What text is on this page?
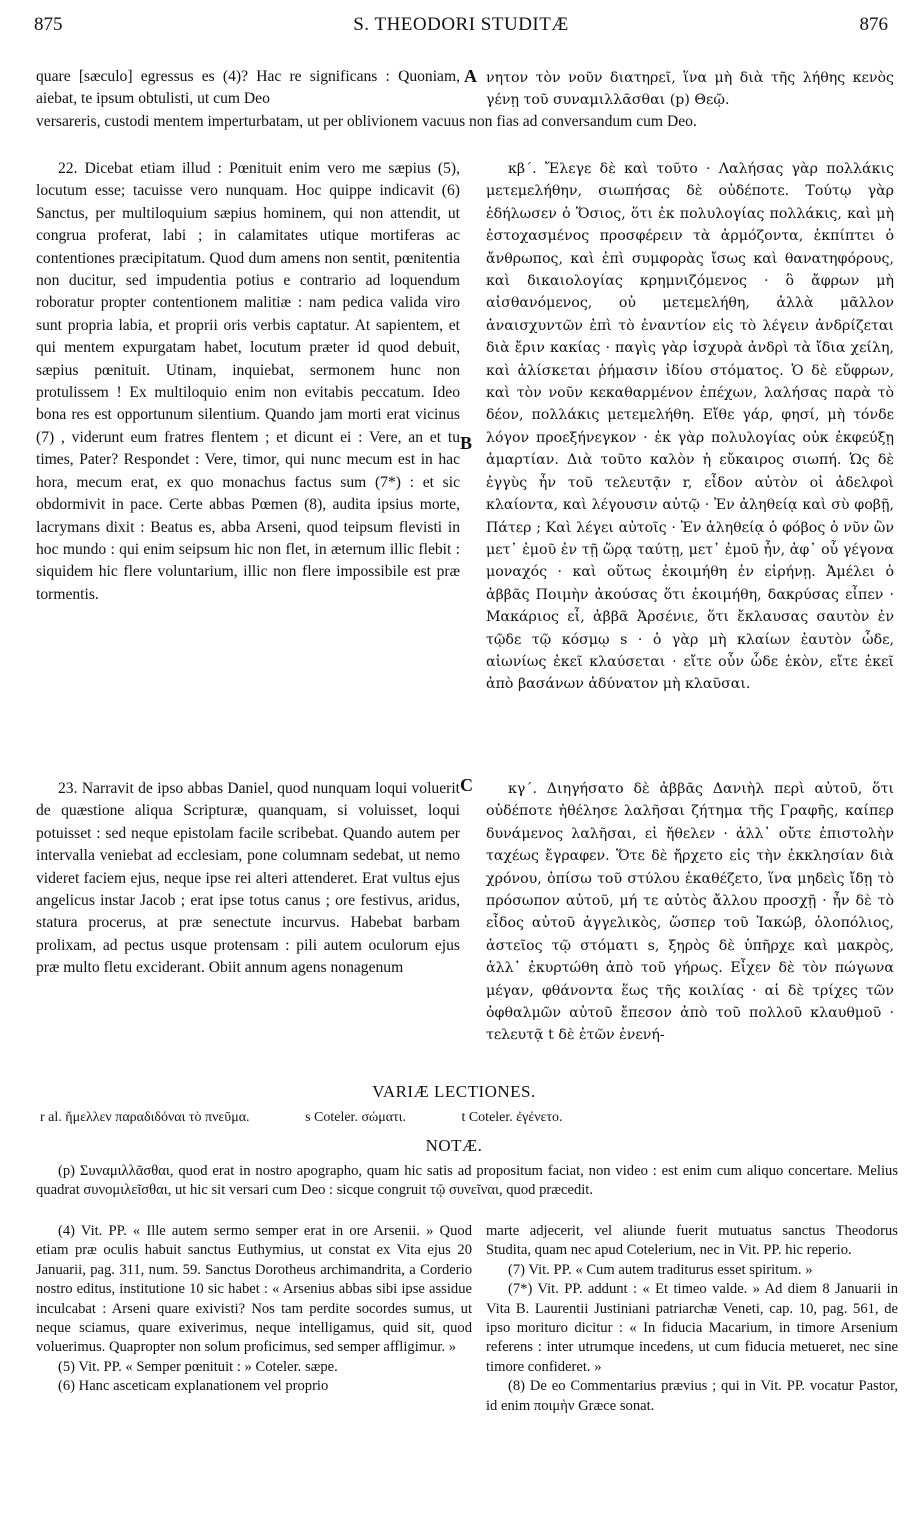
875	S. THEODORI STUDITÆ	876

quare [sæculo] egressus es (4)? Hac re significans : Quoniam, aiebat, te ipsum obtulisti, ut cum Deo

A νητον τὸν νοῦν διατηρεῖ, ἵνα μὴ διὰ τῆς λήθης κενὸς γένῃ τοῦ συναμιλλᾶσθαι (p) Θεῷ.

versareris, custodi mentem imperturbatam, ut per oblivionem vacuus non fias ad conversandum cum Deo.

22. Dicebat etiam illud : Pœnituit enim vero me sæpius (5), locutum esse; tacuisse vero nunquam. Hoc quippe indicavit (6) Sanctus, per multiloquium sæpius hominem, qui non attendit, ut congrua proferat, labi ; in calamitates utique mortiferas ac contentiones præcipitatum. Quod dum amens non sentit, pœnitentia non ducitur, sed impudentia potius e contrario ad loquendum roboratur propter contentionem malitiæ : nam pedica valida viro sunt propria labia, et proprii oris verbis captatur. At sapientem, et qui mentem expurgatam habet, locutum præter id quod debuit, sæpius pœnituit. Utinam, inquiebat, sermonem hunc non protulissem ! Ex multiloquio enim non evitabis peccatum. Ideo bona res est opportunum silentium. Quando jam morti erat vicinus (7) , viderunt eum fratres flentem ; et dicunt ei : Vere, an et tu times, Pater? Respondet : Vere, timor, qui nunc mecum est in hac hora, mecum erat, ex quo monachus factus sum (7*) : et sic obdormivit in pace. Certe abbas Pœmen (8), audita ipsius morte, lacrymans dixit : Beatus es, abba Arseni, quod teipsum flevisti in hoc mundo : qui enim seipsum hic non flet, in æternum illic flebit : siquidem hic flere voluntarium, illic non flere impossibile est præ tormentis.

B

κβ΄. Ἔλεγε δὲ καὶ τοῦτο · Λαλήσας γὰρ πολλάκις μετεμελήθην, σιωπήσας δὲ οὐδέποτε. Τούτῳ γὰρ ἐδήλωσεν ὁ Ὅσιος, ὅτι ἐκ πολυλογίας πολλάκις, καὶ μὴ ἐστοχασμένος προσφέρειν τὰ ἁρμόζοντα, ἐκπίπτει ὁ ἄνθρωπος, καὶ ἐπὶ συμφορὰς ἴσως καὶ θανατηφόρους, καὶ δικαιολογίας κρημνιζόμενος · ὃ ἄφρων μὴ αἰσθανόμενος, οὐ μετεμελήθη, ἀλλὰ μᾶλλον ἀναισχυντῶν ἐπὶ τὸ ἐναντίον εἰς τὸ λέγειν ἀνδρίζεται διὰ ἔριν κακίας · παγὶς γὰρ ἰσχυρὰ ἀνδρὶ τὰ ἴδια χείλη, καὶ ἁλίσκεται ῥήμασιν ἰδίου στόματος. Ὁ δὲ εὔφρων, καὶ τὸν νοῦν κεκαθαρμένον ἐπέχων, λαλήσας παρὰ τὸ δέον, πολλάκις μετεμελήθη. Εἴθε γάρ, φησί, μὴ τόνδε λόγον προεξήνεγκον · ἐκ γὰρ πολυλογίας οὐκ ἐκφεύξῃ ἁμαρτίαν. Διὰ τοῦτο καλὸν ἡ εὔκαιρος σιωπή. Ὡς δὲ ἐγγὺς ἦν τοῦ τελευτᾷν r, εἶδον αὐτὸν οἱ ἀδελφοὶ κλαίοντα, καὶ λέγουσιν αὐτῷ · Ἐν ἀληθείᾳ καὶ σὺ φοβῇ, Πάτερ ; Καὶ λέγει αὐτοῖς · Ἐν ἀληθείᾳ ὁ φόβος ὁ νῦν ὢν μετ᾽ ἐμοῦ ἐν τῇ ὥρᾳ ταύτῃ, μετ᾽ ἐμοῦ ἦν, ἀφ᾽ οὗ γέγονα μοναχός · καὶ οὕτως ἐκοιμήθη ἐν εἰρήνῃ. Ἀμέλει ὁ ἀββᾶς Ποιμὴν ἀκούσας ὅτι ἐκοιμήθη, δακρύσας εἶπεν · Μακάριος εἶ, ἀββᾶ Ἀρσένιε, ὅτι ἔκλαυσας σαυτὸν ἐν τῷδε τῷ κόσμῳ s · ὁ γὰρ μὴ κλαίων ἑαυτὸν ὧδε, αἰωνίως ἐκεῖ κλαύσεται · εἴτε οὖν ὧδε ἑκὸν, εἴτε ἐκεῖ ἀπὸ βασάνων ἀδύνατον μὴ κλαῦσαι.

23. Narravit de ipso abbas Daniel, quod nunquam loqui voluerit de quæstione aliqua Scripturæ, quanquam, si voluisset, loqui potuisset : sed neque epistolam facile scribebat. Quando autem per intervalla veniebat ad ecclesiam, pone columnam sedebat, ut nemo videret faciem ejus, neque ipse rei alteri attenderet. Erat vultus ejus angelicus instar Jacob ; erat ipse totus canus ; ore festivus, aridus, statura procerus, at præ senectute incurvus. Habebat barbam prolixam, ad pectus usque protensam : pili autem oculorum ejus præ multo fletu exciderant. Obiit annum agens nonagenum

C	κγ΄. Διηγήσατο δὲ ἀββᾶς Δανιὴλ περὶ αὐτοῦ, ὅτι οὐδέποτε ἠθέλησε λαλῆσαι ζήτημα τῆς Γραφῆς, καίπερ δυνάμενος λαλῆσαι, εἰ ἤθελεν · ἀλλ᾽ οὔτε ἐπιστολὴν ταχέως ἔγραφεν. Ὅτε δὲ ἤρχετο εἰς τὴν ἐκκλησίαν διὰ χρόνου, ὀπίσω τοῦ στύλου ἐκαθέζετο, ἵνα μηδεὶς ἴδῃ τὸ πρόσωπον αὐτοῦ, μή τε αὐτὸς ἄλλου προσχῇ · ἦν δὲ τὸ εἶδος αὐτοῦ ἀγγελικὸς, ὥσπερ τοῦ Ἰακώβ, ὁλοπόλιος, ἀστεῖος τῷ στόματι s, ξηρὸς δὲ ὑπῆρχε καὶ μακρὸς, ἀλλ᾽ ἐκυρτώθη ἀπὸ τοῦ γήρως. Εἶχεν δὲ τὸν πώγωνα μέγαν, φθάνοντα ἕως τῆς κοιλίας · αἱ δὲ τρίχες τῶν ὀφθαλμῶν αὐτοῦ ἔπεσον ἀπὸ τοῦ πολλοῦ κλαυθμοῦ · τελευτᾷ t δὲ ἐτῶν ἐνενή-

VARIÆ LECTIONES.
r al. ἤμελλεν παραδιδόναι τὸ πνεῦμα.	s Coteler. σώματι.	t Coteler. ἐγένετο.
NOTÆ.

(p) Συναμιλλᾶσθαι, quod erat in nostro apographo, quam hic satis ad propositum faciat, non video : est enim cum aliquo concertare. Melius quadrat συνομιλεῖσθαι, ut hic sit versari cum Deo : sicque congruit τῷ συνεῖναι, quod præcedit.

(4) Vit. PP. « Ille autem sermo semper erat in ore Arsenii. » Quod etiam præ oculis habuit sanctus Euthymius, ut constat ex Vita ejus 20 Januarii, pag. 311, num. 59. Sanctus Dorotheus archimandrita, a Corderio nostro editus, institutione 10 sic habet : « Arsenius abbas sibi ipse assidue inculcabat : Arseni quare exivisti? Nos tam perdite socordes sumus, ut neque sciamus, quare exiverimus, neque intelligamus, quid sit, quod voluerimus. Quapropter non solum proficimus, sed semper affligimur. »

(5) Vit. PP. « Semper pœnituit : » Coteler. sæpe.

(6) Hanc asceticam explanationem vel proprio

marte adjecerit, vel aliunde fuerit mutuatus sanctus Theodorus Studita, quam nec apud Cotelerium, nec in Vit. PP. hic reperio.

(7) Vit. PP. « Cum autem traditurus esset spiritum. »

(7*) Vit. PP. addunt : « Et timeo valde. » Ad diem 8 Januarii in Vita B. Laurentii Justiniani patriarchæ Veneti, cap. 10, pag. 561, de ipso morituro dicitur : « In fiducia Macarium, in timore Arsenium referens : inter utrumque incedens, ut cum fiducia metueret, nec sine timore confideret. »

(8) De eo Commentarius prævius ; qui in Vit. PP. vocatur Pastor, id enim ποιμὴν Græce sonat.
